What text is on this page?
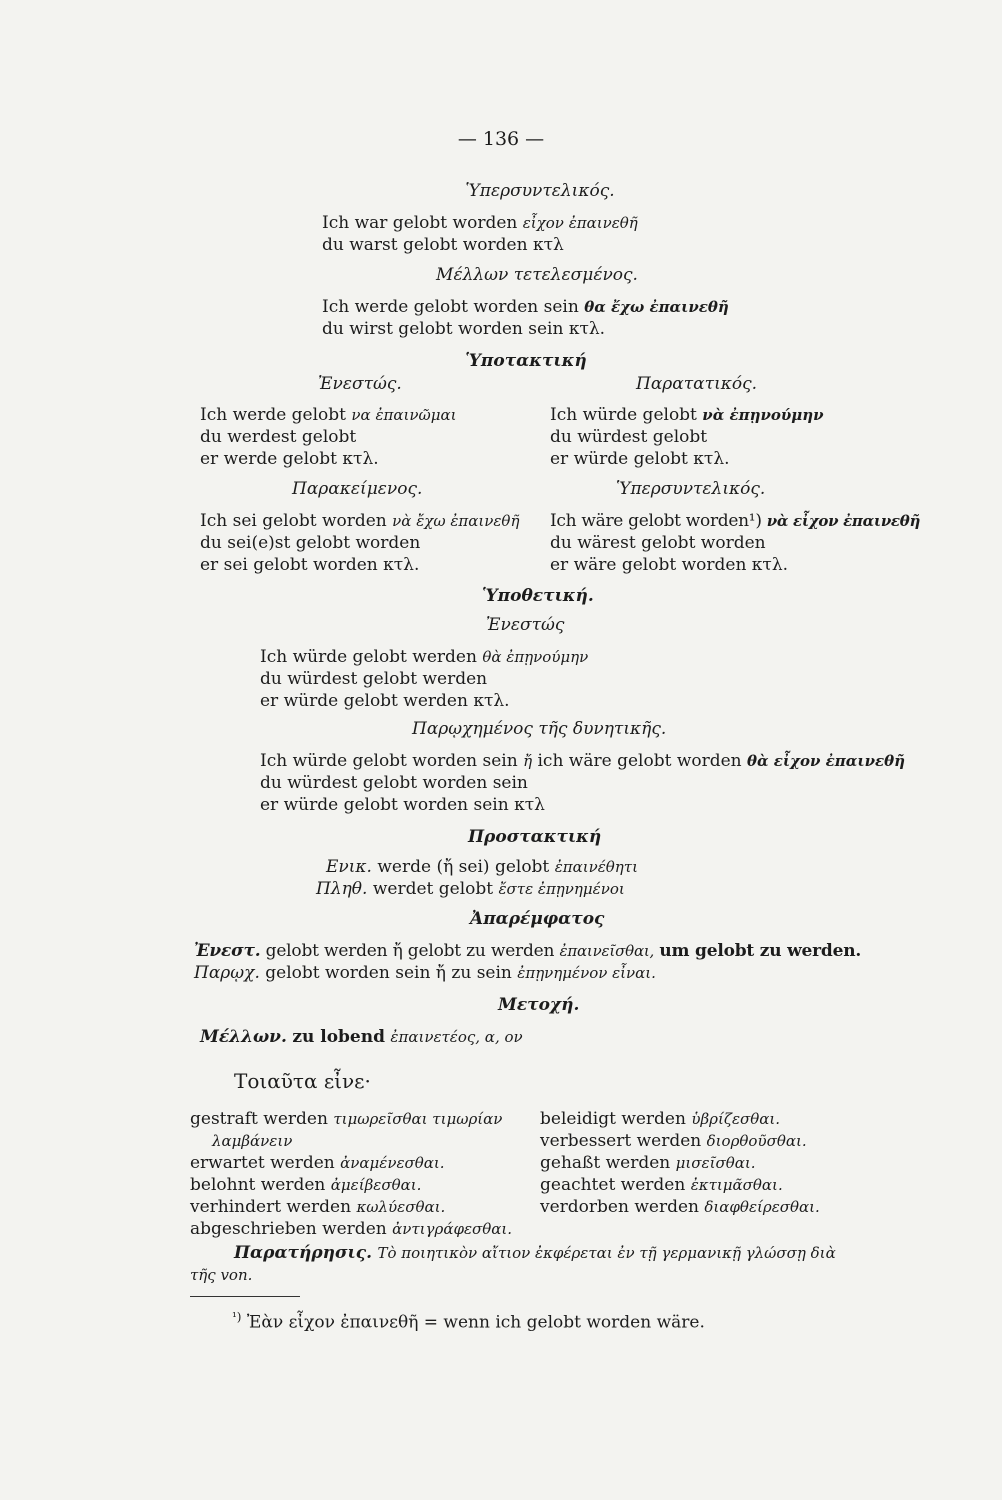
— 136 —
Ὑπερσυντελικός.
Ich war gelobt worden εἶχον ἐπαινεθῆ
du warst gelobt worden κτλ
Μέλλων τετελεσμένος.
Ich werde gelobt worden sein θα ἔχω ἐπαινεθῆ
du wirst gelobt worden sein κτλ.
Ὑποτακτική
Ἐνεστώς.	Παρατατικός.
Ich werde gelobt να ἐπαινῶμαι
du werdest gelobt
er werde gelobt κτλ.
Ich würde gelobt νὰ ἐπῃνούμην
du würdest gelobt
er würde gelobt κτλ.
Παρακείμενος.	Ὑπερσυντελικός.
Ich sei gelobt worden νὰ ἔχω ἐπαινεθῆ
du sei(e)st gelobt worden
er sei gelobt worden κτλ.
Ich wäre gelobt worden¹) νὰ εἶχον ἐπαινεθῆ
du wärest gelobt worden
er wäre gelobt worden κτλ.
Ὑποθετική.
Ἐνεστώς
Ich würde gelobt werden θὰ ἐπῃνούμην
du würdest gelobt werden
er würde gelobt werden κτλ.
Παρῳχημένος τῆς δυνητικῆς.
Ich würde gelobt worden sein ἤ ich wäre gelobt worden θὰ εἶχον ἐπαινεθῆ
du würdest gelobt worden sein
er würde gelobt worden sein κτλ
Προστακτική
Ενικ. werde (ἤ sei) gelobt ἐπαινέθητι
Πληθ. werdet gelobt ἔστε ἐπῃνημένοι
Ἀπαρέμφατος
Ἐνεστ. gelobt werden ἤ gelobt zu werden ἐπαινεῖσθαι, um gelobt zu werden.
Παρῳχ. gelobt worden sein ἤ zu sein ἐπῃνημένον εἶναι.
Μετοχή.
Μέλλων. zu lobend ἐπαινετέος, α, ον
Τοιαῦτα εἶνε·
gestraft werden τιμωρεῖσθαι τιμωρίαν
λαμβάνειν
erwartet werden ἀναμένεσθαι.
belohnt werden ἀμείβεσθαι.
verhindert werden κωλύεσθαι.
abgeschrieben werden ἀντιγράφεσθαι.
beleidigt werden ὑβρίζεσθαι.
verbessert werden διορθοῦσθαι.
gehaßt werden μισεῖσθαι.
geachtet werden ἐκτιμᾶσθαι.
verdorben werden διαφθείρεσθαι.
Παρατήρησις. Τὸ ποιητικὸν αἴτιον ἐκφέρεται ἐν τῇ γερμανικῇ γλώσσῃ διὰ
τῆς von.
$^{^1)}$ Ἐὰν εἶχον ἐπαινεθῆ = wenn ich gelobt worden wäre.
